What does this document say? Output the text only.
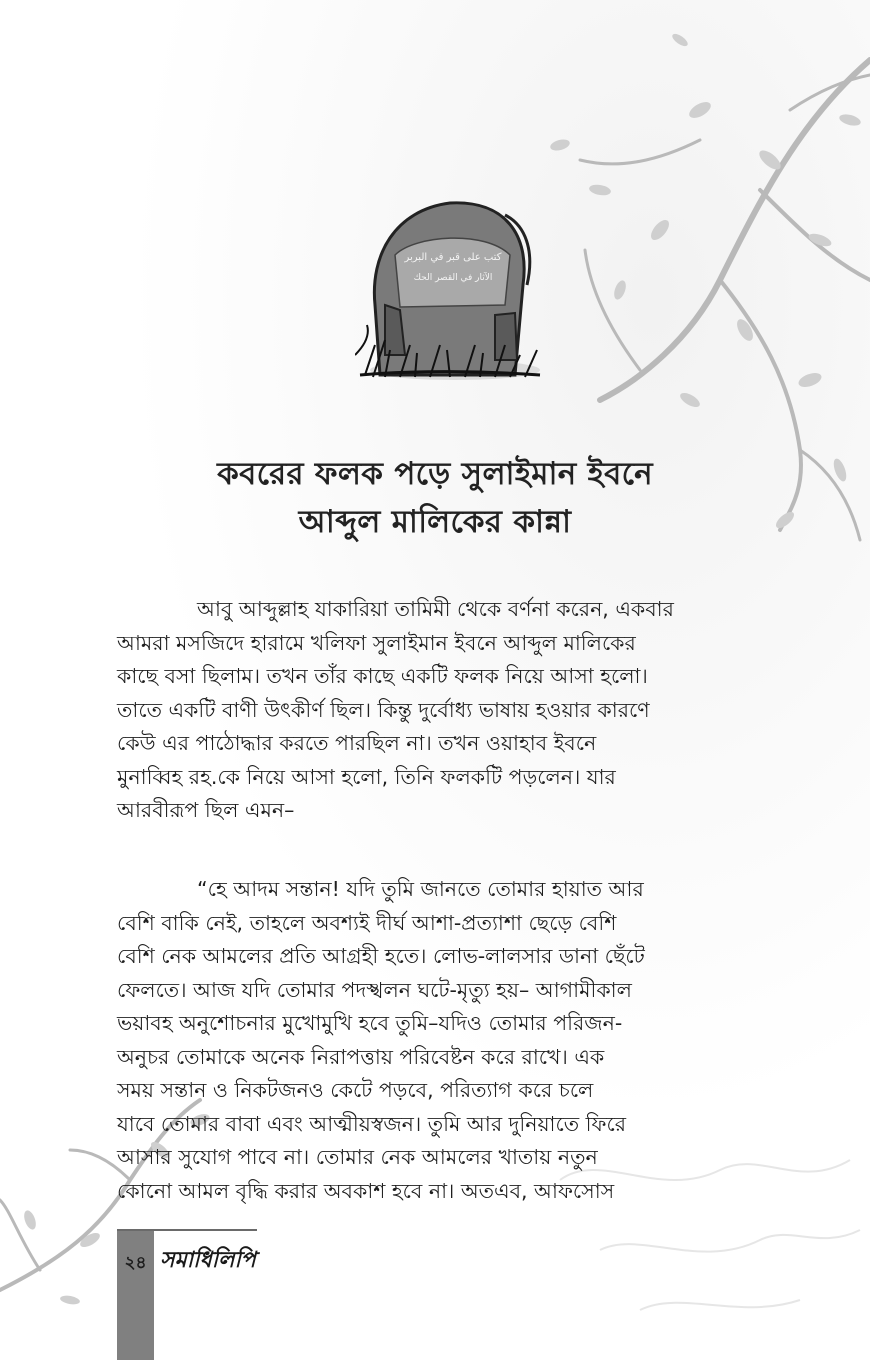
كتب على قبر في البربر
الآثار في القصر الحك
কবরের ফলক পড়ে সুলাইমান ইবনে
আব্দুল মালিকের কান্না
আবু আব্দুল্লাহ যাকারিয়া তামিমী থেকে বর্ণনা করেন, একবার
আমরা মসজিদে হারামে খলিফা সুলাইমান ইবনে আব্দুল মালিকের
কাছে বসা ছিলাম। তখন তাঁর কাছে একটি ফলক নিয়ে আসা হলো।
তাতে একটি বাণী উৎকীর্ণ ছিল। কিন্তু দুর্বোধ্য ভাষায় হওয়ার কারণে
কেউ এর পাঠোদ্ধার করতে পারছিল না। তখন ওয়াহাব ইবনে
মুনাব্বিহ রহ.কে নিয়ে আসা হলো, তিনি ফলকটি পড়লেন। যার
আরবীরূপ ছিল এমন–
“হে আদম সন্তান! যদি তুমি জানতে তোমার হায়াত আর
বেশি বাকি নেই, তাহলে অবশ্যই দীর্ঘ আশা-প্রত্যাশা ছেড়ে বেশি
বেশি নেক আমলের প্রতি আগ্রহী হতে। লোভ-লালসার ডানা ছেঁটে
ফেলতে। আজ যদি তোমার পদস্খলন ঘটে-মৃত্যু হয়– আগামীকাল
ভয়াবহ অনুশোচনার মুখোমুখি হবে তুমি–যদিও তোমার পরিজন-
অনুচর তোমাকে অনেক নিরাপত্তায় পরিবেষ্টন করে রাখে। এক
সময় সন্তান ও নিকটজনও কেটে পড়বে, পরিত্যাগ করে চলে
যাবে তোমার বাবা এবং আত্মীয়স্বজন। তুমি আর দুনিয়াতে ফিরে
আসার সুযোগ পাবে না। তোমার নেক আমলের খাতায় নতুন
কোনো আমল বৃদ্ধি করার অবকাশ হবে না। অতএব, আফসোস
২৪ সমাধিলিপি
